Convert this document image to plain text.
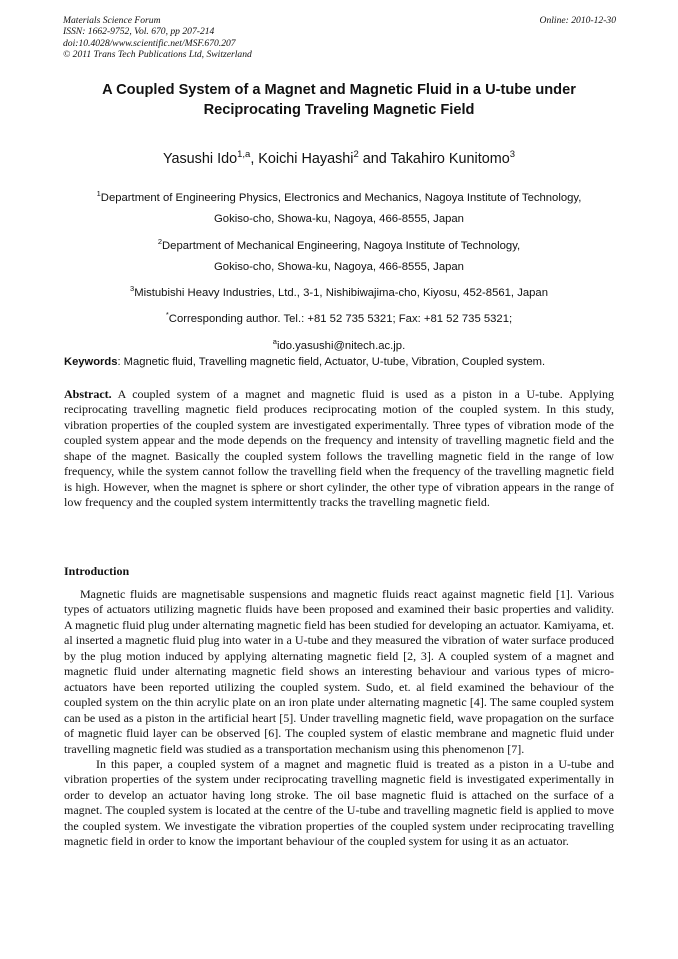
Materials Science Forum
ISSN: 1662-9752, Vol. 670, pp 207-214
doi:10.4028/www.scientific.net/MSF.670.207
© 2011 Trans Tech Publications Ltd, Switzerland
Online: 2010-12-30
A Coupled System of a Magnet and Magnetic Fluid in a U-tube under
Reciprocating Traveling Magnetic Field
Yasushi Ido$^{1,a}$, Koichi Hayashi$^2$ and Takahiro Kunitomo$^3$
$^1$Department of Engineering Physics, Electronics and Mechanics, Nagoya Institute of Technology,
Gokiso-cho, Showa-ku, Nagoya, 466-8555, Japan
$^2$Department of Mechanical Engineering, Nagoya Institute of Technology,
Gokiso-cho, Showa-ku, Nagoya, 466-8555, Japan
$^3$Mistubishi Heavy Industries, Ltd., 3-1, Nishibiwajima-cho, Kiyosu, 452-8561, Japan
*Corresponding author. Tel.: +81 52 735 5321; Fax: +81 52 735 5321;
$^a$ido.yasushi@nitech.ac.jp.
Keywords: Magnetic fluid, Travelling magnetic field, Actuator, U-tube, Vibration, Coupled system.
Abstract. A coupled system of a magnet and magnetic fluid is used as a piston in a U-tube. Applying reciprocating travelling magnetic field produces reciprocating motion of the coupled system. In this study, vibration properties of the coupled system are investigated experimentally. Three types of vibration mode of the coupled system appear and the mode depends on the frequency and intensity of travelling magnetic field and the shape of the magnet. Basically the coupled system follows the travelling magnetic field in the range of low frequency, while the system cannot follow the travelling field when the frequency of the travelling magnetic field is high. However, when the magnet is sphere or short cylinder, the other type of vibration appears in the range of low frequency and the coupled system intermittently tracks the travelling magnetic field.
Introduction

Magnetic fluids are magnetisable suspensions and magnetic fluids react against magnetic field [1]. Various types of actuators utilizing magnetic fluids have been proposed and examined their basic properties and validity. A magnetic fluid plug under alternating magnetic field has been studied for developing an actuator. Kamiyama, et. al inserted a magnetic fluid plug into water in a U-tube and they measured the vibration of water surface produced by the plug motion induced by applying alternating magnetic field [2, 3]. A coupled system of a magnet and magnetic fluid under alternating magnetic field shows an interesting behaviour and various types of micro-actuators have been reported utilizing the coupled system. Sudo, et. al field examined the behaviour of the coupled system on the thin acrylic plate on an iron plate under alternating magnetic [4]. The same coupled system can be used as a piston in the artificial heart [5]. Under travelling magnetic field, wave propagation on the surface of magnetic fluid layer can be observed [6]. The coupled system of elastic membrane and magnetic fluid under travelling magnetic field was studied as a transportation mechanism using this phenomenon [7].

In this paper, a coupled system of a magnet and magnetic fluid is treated as a piston in a U-tube and vibration properties of the system under reciprocating travelling magnetic field is investigated experimentally in order to develop an actuator having long stroke. The oil base magnetic fluid is attached on the surface of a magnet. The coupled system is located at the centre of the U-tube and travelling magnetic field is applied to move the coupled system. We investigate the vibration properties of the coupled system under reciprocating travelling magnetic field in order to know the important behaviour of the coupled system for using it as an actuator.
